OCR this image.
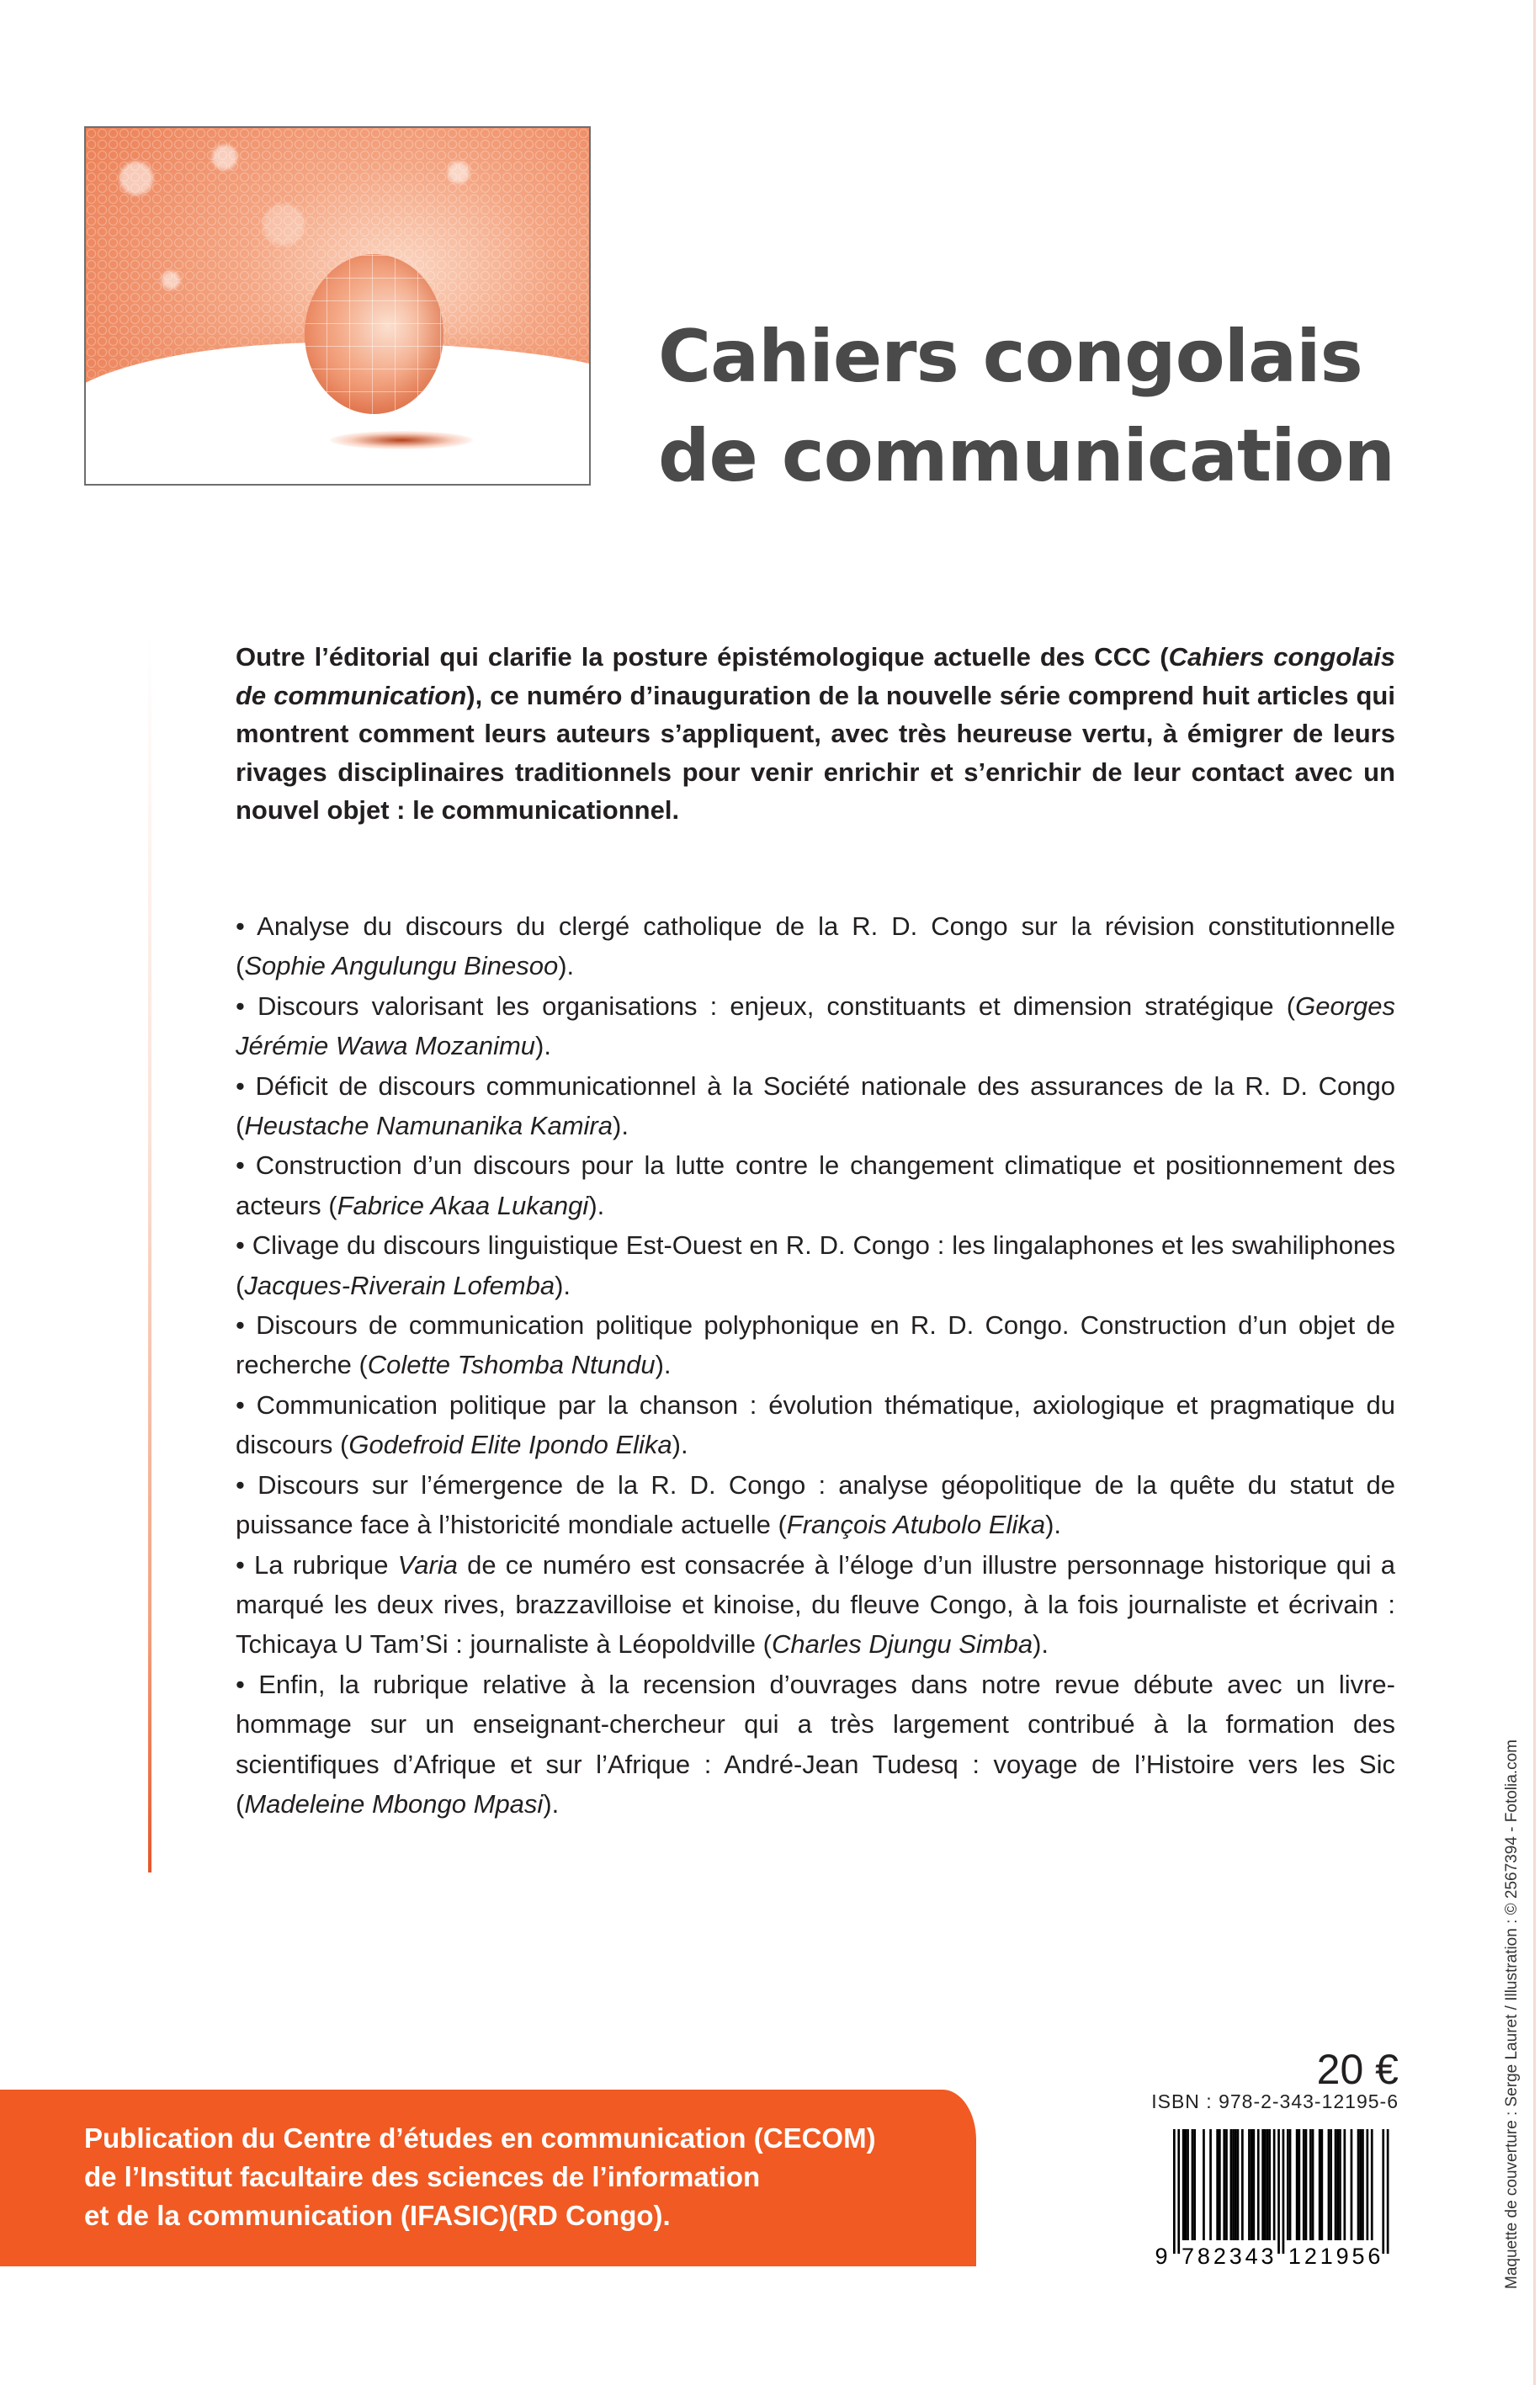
Cahiers congolais
de communication
Outre l’éditorial qui clarifie la posture épistémologique actuelle des CCC (Cahiers congolais de communication), ce numéro d’inauguration de la nouvelle série comprend huit articles qui montrent comment leurs auteurs s’appliquent, avec très heureuse vertu, à émigrer de leurs rivages disciplinaires traditionnels pour venir enrichir et s’enrichir de leur contact avec un nouvel objet : le communicationnel.

• Analyse du discours du clergé catholique de la R. D. Congo sur la révision constitutionnelle (Sophie Angulungu Binesoo).

• Discours valorisant les organisations : enjeux, constituants et dimension stratégique (Georges Jérémie Wawa Mozanimu).

• Déficit de discours communicationnel à la Société nationale des assurances de la R. D. Congo (Heustache Namunanika Kamira).

• Construction d’un discours pour la lutte contre le changement climatique et positionnement des acteurs (Fabrice Akaa Lukangi).

• Clivage du discours linguistique Est-Ouest en R. D. Congo : les lingalaphones et les swahiliphones (Jacques-Riverain Lofemba).

• Discours de communication politique polyphonique en R. D. Congo. Construction d’un objet de recherche (Colette Tshomba Ntundu).

• Communication politique par la chanson : évolution thématique, axiologique et pragmatique du discours (Godefroid Elite Ipondo Elika).

• Discours sur l’émergence de la R. D. Congo : analyse géopolitique de la quête du statut de puissance face à l’historicité mondiale actuelle (François Atubolo Elika).

• La rubrique Varia de ce numéro est consacrée à l’éloge d’un illustre personnage historique qui a marqué les deux rives, brazzavilloise et kinoise, du fleuve Congo, à la fois journaliste et écrivain : Tchicaya U Tam’Si : journaliste à Léopoldville (Charles Djungu Simba).

• Enfin, la rubrique relative à la recension d’ouvrages dans notre revue débute avec un livre-hommage sur un enseignant-chercheur qui a très largement contribué à la formation des scientifiques d’Afrique et sur l’Afrique : André-Jean Tudesq : voyage de l’Histoire vers les Sic (Madeleine Mbongo Mpasi).

Publication du Centre d’études en communication (CECOM)
de l’Institut facultaire des sciences de l’information
et de la communication (IFASIC)(RD Congo).
20 €
ISBN : 978-2-343-12195-6
9 7 8 2 3 4 3 1 2 1 9 5 6	Maquette de couverture : Serge Lauret / Illustration : © 2567394 - Fotolia.com
